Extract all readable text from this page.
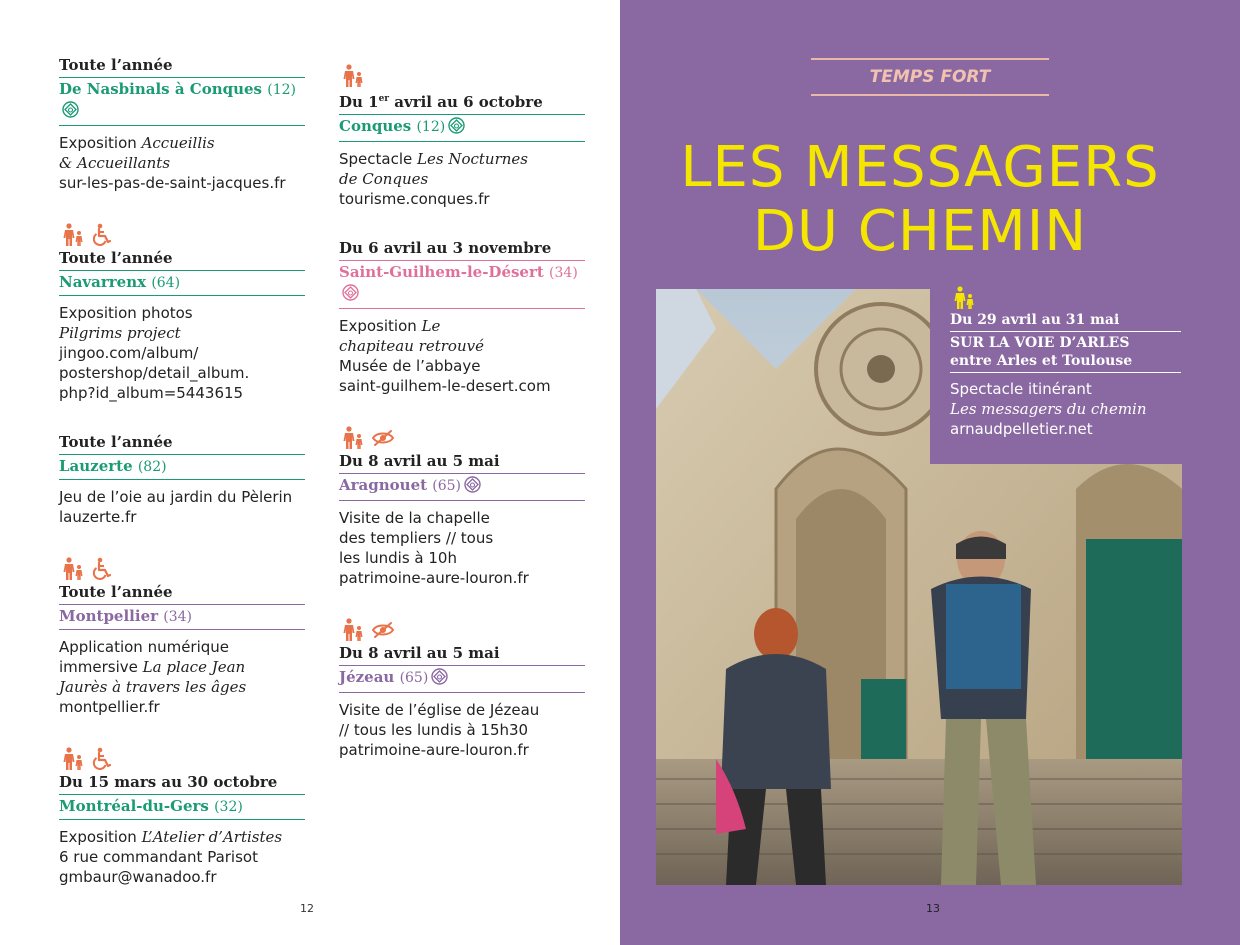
Toute l’année
De Nasbinals à Conques (12)
Exposition Accueillis
& Accueillants
sur-les-pas-de-saint-jacques.fr
Toute l’année
Navarrenx (64)
Exposition photos
Pilgrims project
jingoo.com/album/
postershop/detail_album.
php?id_album=5443615
Toute l’année
Lauzerte (82)
Jeu de l’oie au jardin du Pèlerin
lauzerte.fr
Toute l’année
Montpellier (34)
Application numérique
immersive La place Jean
Jaurès à travers les âges
montpellier.fr
Du 15 mars au 30 octobre
Montréal-du-Gers (32)
Exposition L’Atelier d’Artistes
6 rue commandant Parisot
gmbaur@wanadoo.fr
Du 1er avril au 6 octobre
Conques (12)
Spectacle Les Nocturnes
de Conques
tourisme.conques.fr
Du 6 avril au 3 novembre
Saint-Guilhem-le-Désert (34)
Exposition Le
chapiteau retrouvé
Musée de l’abbaye
saint-guilhem-le-desert.com
Du 8 avril au 5 mai
Aragnouet (65)
Visite de la chapelle
des templiers // tous
les lundis à 10h
patrimoine-aure-louron.fr
Du 8 avril au 5 mai
Jézeau (65)
Visite de l’église de Jézeau
// tous les lundis à 15h30
patrimoine-aure-louron.fr
12
TEMPS FORT
LES MESSAGERS
DU CHEMIN
Du 29 avril au 31 mai
SUR LA VOIE D’ARLES
entre Arles et Toulouse
Spectacle itinérant
Les messagers du chemin
arnaudpelletier.net
13
